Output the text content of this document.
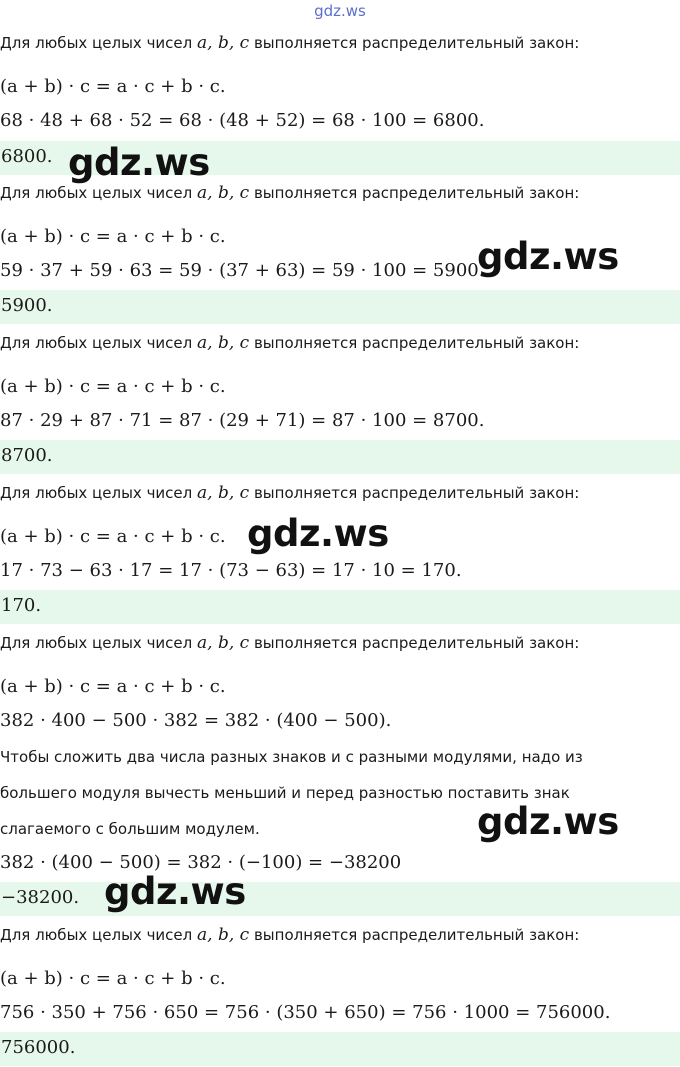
gdz.ws
Для любых целых чисел a, b, c выполняется распределительный закон:
(a + b) · c = a · c + b · c.
68 · 48 + 68 · 52 = 68 · (48 + 52) = 68 · 100 = 6800.
6800.
Для любых целых чисел a, b, c выполняется распределительный закон:
(a + b) · c = a · c + b · c.
59 · 37 + 59 · 63 = 59 · (37 + 63) = 59 · 100 = 5900.
5900.
Для любых целых чисел a, b, c выполняется распределительный закон:
(a + b) · c = a · c + b · c.
87 · 29 + 87 · 71 = 87 · (29 + 71) = 87 · 100 = 8700.
8700.
Для любых целых чисел a, b, c выполняется распределительный закон:
(a + b) · c = a · c + b · c.
17 · 73 − 63 · 17 = 17 · (73 − 63) = 17 · 10 = 170.
170.
Для любых целых чисел a, b, c выполняется распределительный закон:
(a + b) · c = a · c + b · c.
382 · 400 − 500 · 382 = 382 · (400 − 500).
Чтобы сложить два числа разных знаков и с разными модулями, надо из
большего модуля вычесть меньший и перед разностью поставить знак
слагаемого с большим модулем.
382 · (400 − 500) = 382 · (−100) = −38200
−38200.
Для любых целых чисел a, b, c выполняется распределительный закон:
(a + b) · c = a · c + b · c.
756 · 350 + 756 · 650 = 756 · (350 + 650) = 756 · 1000 = 756000.
756000.
gdz.ws
gdz.ws
gdz.ws
gdz.ws
gdz.ws
